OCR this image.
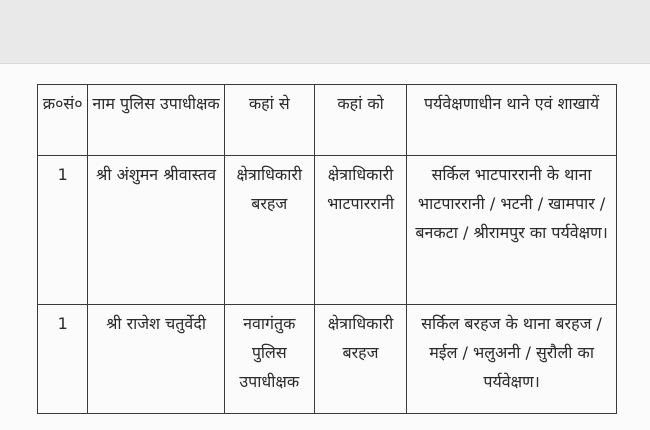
क्र०सं०	नाम पुलिस उपाधीक्षक	कहां से	कहां को	पर्यवेक्षणाधीन थाने एवं शाखायें
1	श्री अंशुमन श्रीवास्तव	क्षेत्राधिकारी बरहज	क्षेत्राधिकारी भाटपाररानी	सर्किल भाटपाररानी के थाना भाटपाररानी / भटनी / खामपार / बनकटा / श्रीरामपुर का पर्यवेक्षण।
1	श्री राजेश चतुर्वेदी	नवागंतुक पुलिस उपाधीक्षक	क्षेत्राधिकारी बरहज	सर्किल बरहज के थाना बरहज / मईल / भलुअनी / सुरौली का पर्यवेक्षण।
